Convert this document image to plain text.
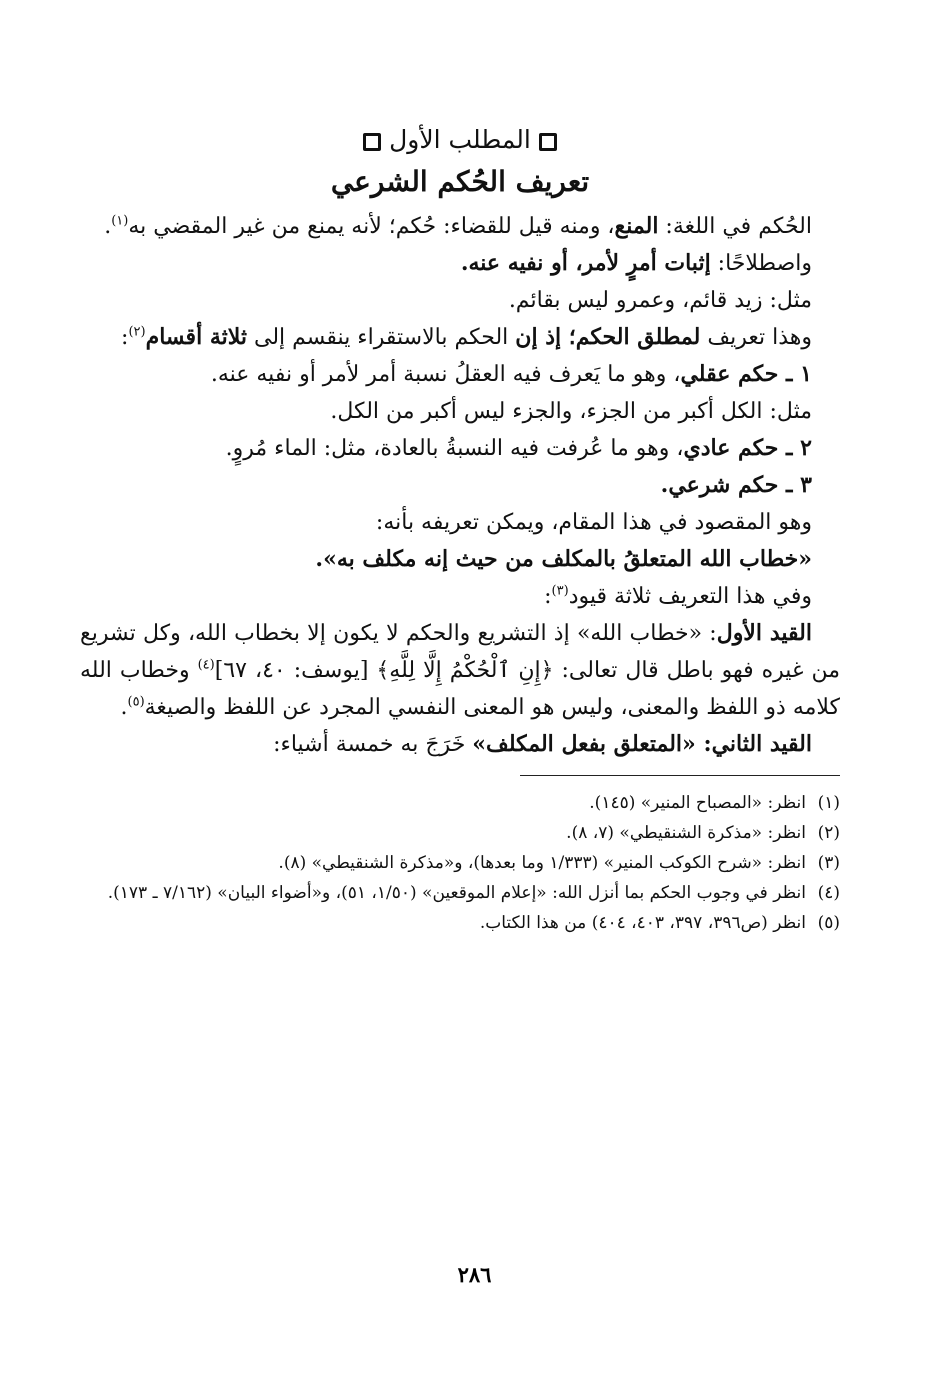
المطلب الأول
تعريف الحُكم الشرعي

الحُكم في اللغة: المنع، ومنه قيل للقضاء: حُكم؛ لأنه يمنع من غير المقضي به$^{(١)}$.

واصطلاحًا: إثبات أمرٍ لأمر، أو نفيه عنه.

مثل: زيد قائم، وعمرو ليس بقائم.

وهذا تعريف لمطلق الحكم؛ إذ إن الحكم بالاستقراء ينقسم إلى ثلاثة أقسام$^{(٢)}$:

١ ـ حكم عقلي، وهو ما يَعرف فيه العقلُ نسبة أمر لأمر أو نفيه عنه.

مثل: الكل أكبر من الجزء، والجزء ليس أكبر من الكل.

٢ ـ حكم عادي، وهو ما عُرفت فيه النسبةُ بالعادة، مثل: الماء مُروٍ.

٣ ـ حكم شرعي.

وهو المقصود في هذا المقام، ويمكن تعريفه بأنه:

«خطاب الله المتعلقُ بالمكلف من حيث إنه مكلف به».

وفي هذا التعريف ثلاثة قيود$^{(٣)}$:

القيد الأول: «خطاب الله» إذ التشريع والحكم لا يكون إلا بخطاب الله، وكل تشريع من غيره فهو باطل قال تعالى: ﴿إِنِ ٱلْحُكْمُ إِلَّا لِلَّهِ﴾ [يوسف: ٤٠، ٦٧]$^{(٤)}$ وخطاب الله كلامه ذو اللفظ والمعنى، وليس هو المعنى النفسي المجرد عن اللفظ والصيغة$^{(٥)}$.

القيد الثاني: «المتعلق بفعل المكلف» خَرَجَ به خمسة أشياء:

(١)
انظر: «المصباح المنير» (١٤٥).
(٢)
انظر: «مذكرة الشنقيطي» (٧، ٨).
(٣)
انظر: «شرح الكوكب المنير» (١/٣٣٣ وما بعدها)، و«مذكرة الشنقيطي» (٨).
(٤)
انظر في وجوب الحكم بما أنزل الله: «إعلام الموقعين» (١/٥٠، ٥١)، و«أضواء البيان» (٧/١٦٢ ـ ١٧٣).
(٥)
انظر (ص٣٩٦، ٣٩٧، ٤٠٣، ٤٠٤) من هذا الكتاب.
٢٨٦
